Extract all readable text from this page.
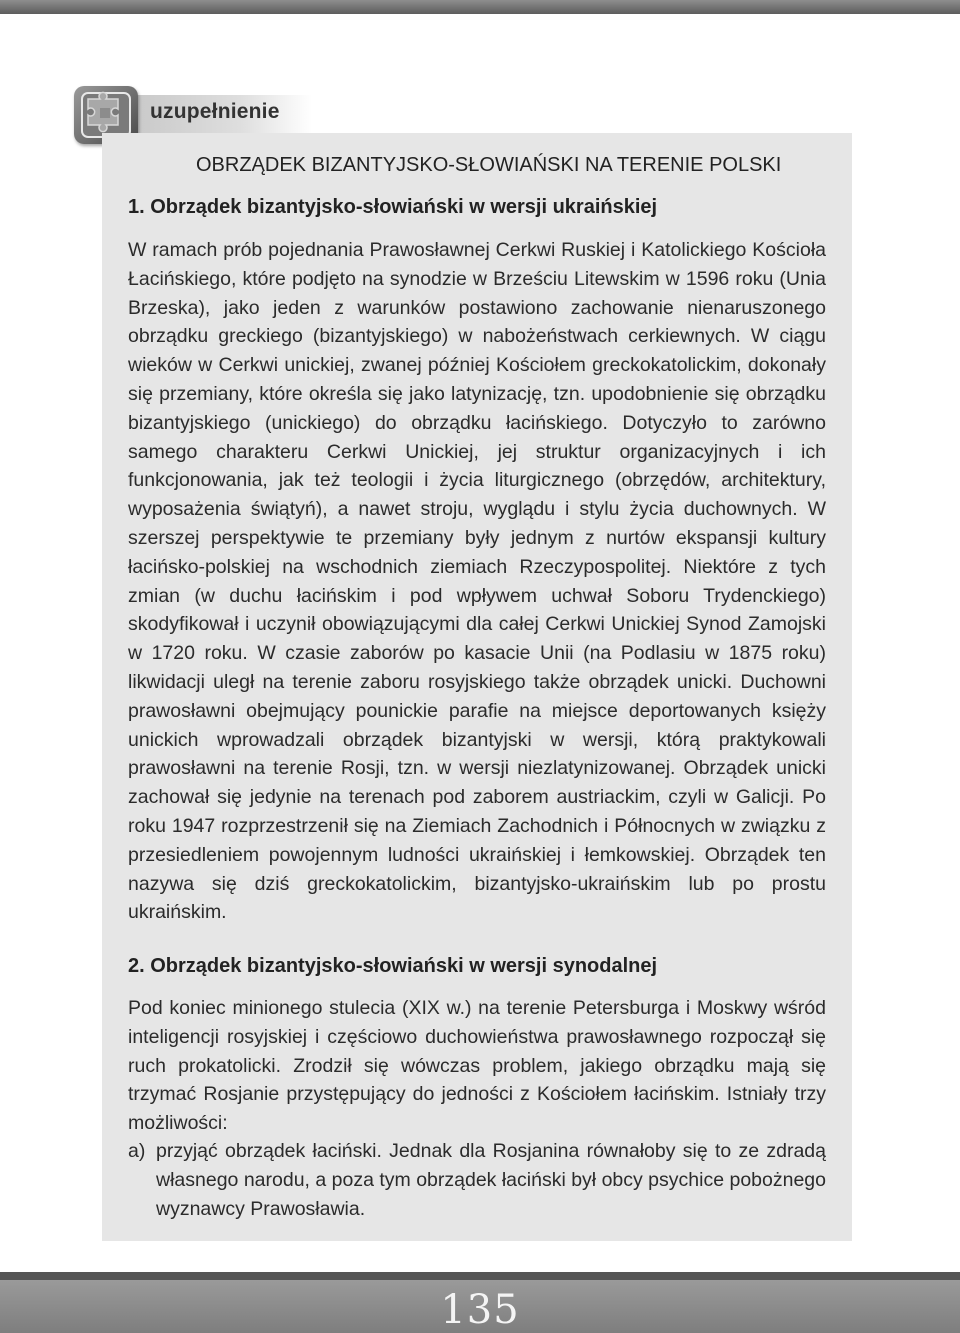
uzupełnienie
OBRZĄDEK BIZANTYJSKO-SŁOWIAŃSKI NA TERENIE POLSKI
1. Obrządek bizantyjsko-słowiański w wersji ukraińskiej
W ramach prób pojednania Prawosławnej Cerkwi Ruskiej i Katolickiego Kościoła Łacińskiego, które podjęto na synodzie w Brześciu Litewskim w 1596 roku (Unia Brzeska), jako jeden z warunków postawiono zachowanie nienaruszonego obrządku greckiego (bizantyjskiego) w nabożeństwach cerkiewnych. W ciągu wieków w Cerkwi unickiej, zwanej później Kościołem greckokatolickim, dokonały się przemiany, które określa się jako latynizację, tzn. upodobnienie się obrządku bizantyjskiego (unickiego) do obrządku łacińskiego. Dotyczyło to zarówno samego charakteru Cerkwi Unickiej, jej struktur organizacyjnych i ich funkcjonowania, jak też teologii i życia liturgicznego (obrzędów, architektury, wyposażenia świątyń), a nawet stroju, wyglądu i stylu życia duchownych. W szerszej perspektywie te przemiany były jednym z nurtów ekspansji kultury łacińsko-polskiej na wschodnich ziemiach Rzeczypospolitej. Niektóre z tych zmian (w duchu łacińskim i pod wpływem uchwał Soboru Trydenckiego) skodyfikował i uczynił obowiązującymi dla całej Cerkwi Unickiej Synod Zamojski w 1720 roku. W czasie zaborów po kasacie Unii (na Podlasiu w 1875 roku) likwidacji uległ na terenie zaboru rosyjskiego także obrządek unicki. Duchowni prawosławni obejmujący pounickie parafie na miejsce deportowanych księży unickich wprowadzali obrządek bizantyjski w wersji, którą praktykowali prawosławni na terenie Rosji, tzn. w wersji niezlatynizowanej. Obrządek unicki zachował się jedynie na terenach pod zaborem austriackim, czyli w Galicji. Po roku 1947 rozprzestrzenił się na Ziemiach Zachodnich i Północnych w związku z przesiedleniem powojennym ludności ukraińskiej i łemkowskiej. Obrządek ten nazywa się dziś greckokatolickim, bizantyjsko-ukraińskim lub po prostu ukraińskim.
2. Obrządek bizantyjsko-słowiański w wersji synodalnej
Pod koniec minionego stulecia (XIX w.) na terenie Petersburga i Moskwy wśród inteligencji rosyjskiej i częściowo duchowieństwa prawosławnego rozpoczął się ruch prokatolicki. Zrodził się wówczas problem, jakiego obrządku mają się trzymać Rosjanie przystępujący do jedności z Kościołem łacińskim. Istniały trzy możliwości:
a) przyjąć obrządek łaciński. Jednak dla Rosjanina równałoby się to ze zdradą własnego narodu, a poza tym obrządek łaciński był obcy psychice pobożnego wyznawcy Prawosławia.
135
